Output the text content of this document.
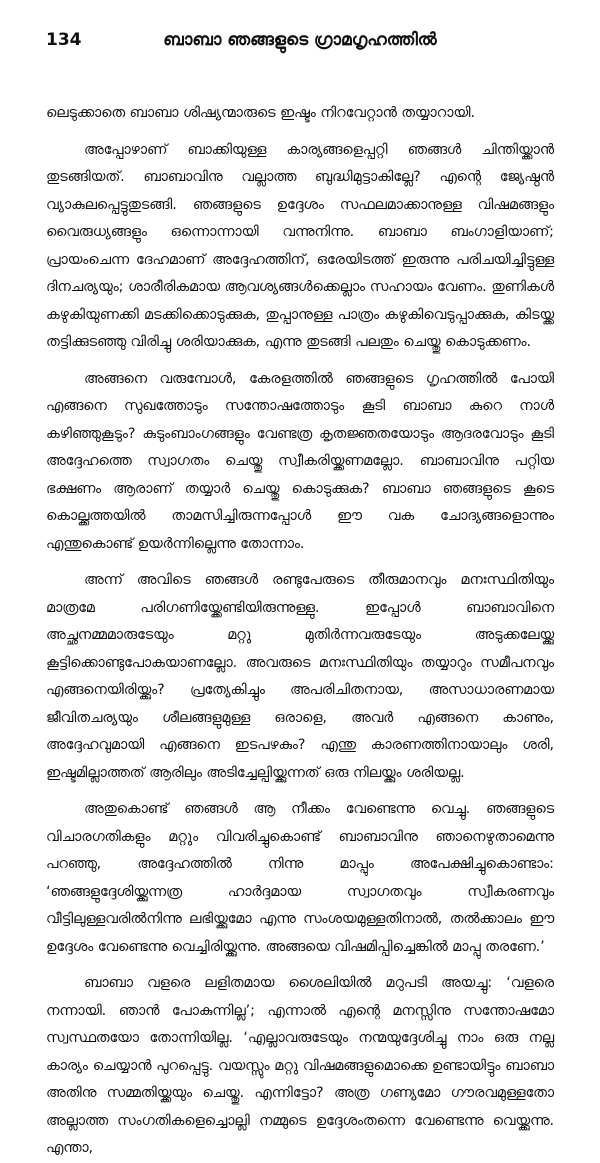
134	ബാബാ ഞങ്ങളുടെ ഗ്രാമഗൃഹത്തിൽ

ലെടുക്കാതെ ബാബാ ശിഷ്യന്മാരുടെ ഇഷ്ടം നിറവേറ്റാൻ തയ്യാറായി.

അപ്പോഴാണ് ബാക്കിയുള്ള കാര്യങ്ങളെപ്പറ്റി ഞങ്ങൾ ചിന്തിയ്ക്കാൻ തുടങ്ങിയത്. ബാബാവിനു വല്ലാത്ത ബുദ്ധിമുട്ടാകില്ലേ? എന്റെ ജ്യേഷ്ഠൻ വ്യാകുലപ്പെട്ടുതുടങ്ങി. ഞങ്ങളുടെ ഉദ്ദേശം സഫലമാക്കാനുള്ള വിഷമങ്ങളും വൈരുധ്യങ്ങളും ഒന്നൊന്നായി വന്നുനിന്നു. ബാബാ ബംഗാളിയാണ്; പ്രായംചെന്ന ദേഹമാണ് അദ്ദേഹത്തിന്, ഒരേയിടത്ത് ഇരുന്നു പരിചയിച്ചിട്ടുള്ള ദിനചര്യയും; ശാരീരികമായ ആവശ്യങ്ങൾക്കെല്ലാം സഹായം വേണം. തുണികൾ കഴുകിയുണക്കി മടക്കിക്കൊടുക്കുക, തുപ്പാനുള്ള പാത്രം കഴുകിവെടുപ്പാക്കുക, കിടയ്ക്ക തട്ടിക്കുടഞ്ഞു വിരിച്ചു ശരിയാക്കുക, എന്നു തുടങ്ങി പലതും ചെയ്തു കൊടുക്കണം.

അങ്ങനെ വരുമ്പോൾ, കേരളത്തിൽ ഞങ്ങളുടെ ഗൃഹത്തിൽ പോയി എങ്ങനെ സുഖത്തോടും സന്തോഷത്തോടും കൂടി ബാബാ കുറെ നാൾ കഴിഞ്ഞുകൂടും? കുടുംബാംഗങ്ങളും വേണ്ടത്ര കൃതജ്ഞതയോടും ആദരവോടും കൂടി അദ്ദേഹത്തെ സ്വാഗതം ചെയ്തു സ്വീകരിയ്ക്കണമല്ലോ. ബാബാവിനു പറ്റിയ ഭക്ഷണം ആരാണ് തയ്യാർ ചെയ്തു കൊടുക്കുക? ബാബാ ഞങ്ങളുടെ കൂടെ കൊല്ക്കത്തയിൽ താമസിച്ചിരുന്നപ്പോൾ ഈ വക ചോദ്യങ്ങളൊന്നും എന്തുകൊണ്ട് ഉയർന്നില്ലെന്നു തോന്നാം.

അന്ന് അവിടെ ഞങ്ങൾ രണ്ടുപേരുടെ തീരുമാനവും മനഃസ്ഥിതിയും മാത്രമേ പരിഗണിയ്ക്കേണ്ടിയിരുന്നുള്ളു. ഇപ്പോൾ ബാബാവിനെ അച്ഛനമ്മമാരുടേയും മറ്റു മുതിർന്നവരുടേയും അടുക്കലേയ്ക്കു കൂട്ടിക്കൊണ്ടുപോകയാണല്ലോ. അവരുടെ മനഃസ്ഥിതിയും തയ്യാറും സമീപനവും എങ്ങനെയിരിയ്ക്കും? പ്രത്യേകിച്ചും അപരിചിതനായ, അസാധാരണമായ ജീവിതചര്യയും ശീലങ്ങളുമുള്ള ഒരാളെ, അവർ എങ്ങനെ കാണും, അദ്ദേഹവുമായി എങ്ങനെ ഇടപഴകും? എന്തു കാരണത്തിനായാലും ശരി, ഇഷ്ടമില്ലാത്തത് ആരിലും അടിച്ചേല്പിയ്ക്കുന്നത് ഒരു നിലയ്ക്കും ശരിയല്ല.

അതുകൊണ്ട് ഞങ്ങൾ ആ നീക്കം വേണ്ടെന്നു വെച്ചു. ഞങ്ങളുടെ വിചാരഗതികളും മറ്റും വിവരിച്ചുകൊണ്ട് ബാബാവിനു ഞാനെഴുതാമെന്നു പറഞ്ഞു, അദ്ദേഹത്തിൽ നിന്നു മാപ്പും അപേക്ഷിച്ചുകൊണ്ടാം: ‘ഞങ്ങളുദ്ദേശിയ്ക്കുന്നത്ര ഹാർദ്ദമായ സ്വാഗതവും സ്വീകരണവും വീട്ടിലുള്ളവരിൽനിന്നു ലഭിയ്ക്കുമോ എന്നു സംശയമുള്ളതിനാൽ, തൽക്കാലം ഈ ഉദ്ദേശം വേണ്ടെന്നു വെച്ചിരിയ്ക്കുന്നു. അങ്ങയെ വിഷമിപ്പിച്ചെങ്കിൽ മാപ്പു തരണേ.’

ബാബാ വളരെ ലളിതമായ ശൈലിയിൽ മറുപടി അയച്ചു: ‘വളരെ നന്നായി. ഞാൻ പോകുന്നില്ല’; എന്നാൽ എന്റെ മനസ്സിനു സന്തോഷമോ സ്വസ്ഥതയോ തോന്നിയില്ല. ‘എല്ലാവരുടേയും നന്മയുദ്ദേശിച്ചു നാം ഒരു നല്ല കാര്യം ചെയ്യാൻ പുറപ്പെട്ടു. വയസ്സും മറ്റു വിഷമങ്ങളുമൊക്കെ ഉണ്ടായിട്ടും ബാബാ അതിനു സമ്മതിയ്ക്കയും ചെയ്തു. എന്നിട്ടോ? അത്ര ഗണ്യമോ ഗൗരവമുള്ളതോ അല്ലാത്ത സംഗതികളെച്ചൊല്ലി നമ്മുടെ ഉദ്ദേശംതന്നെ വേണ്ടെന്നു വെയ്ക്കുന്നു. എന്താ,
